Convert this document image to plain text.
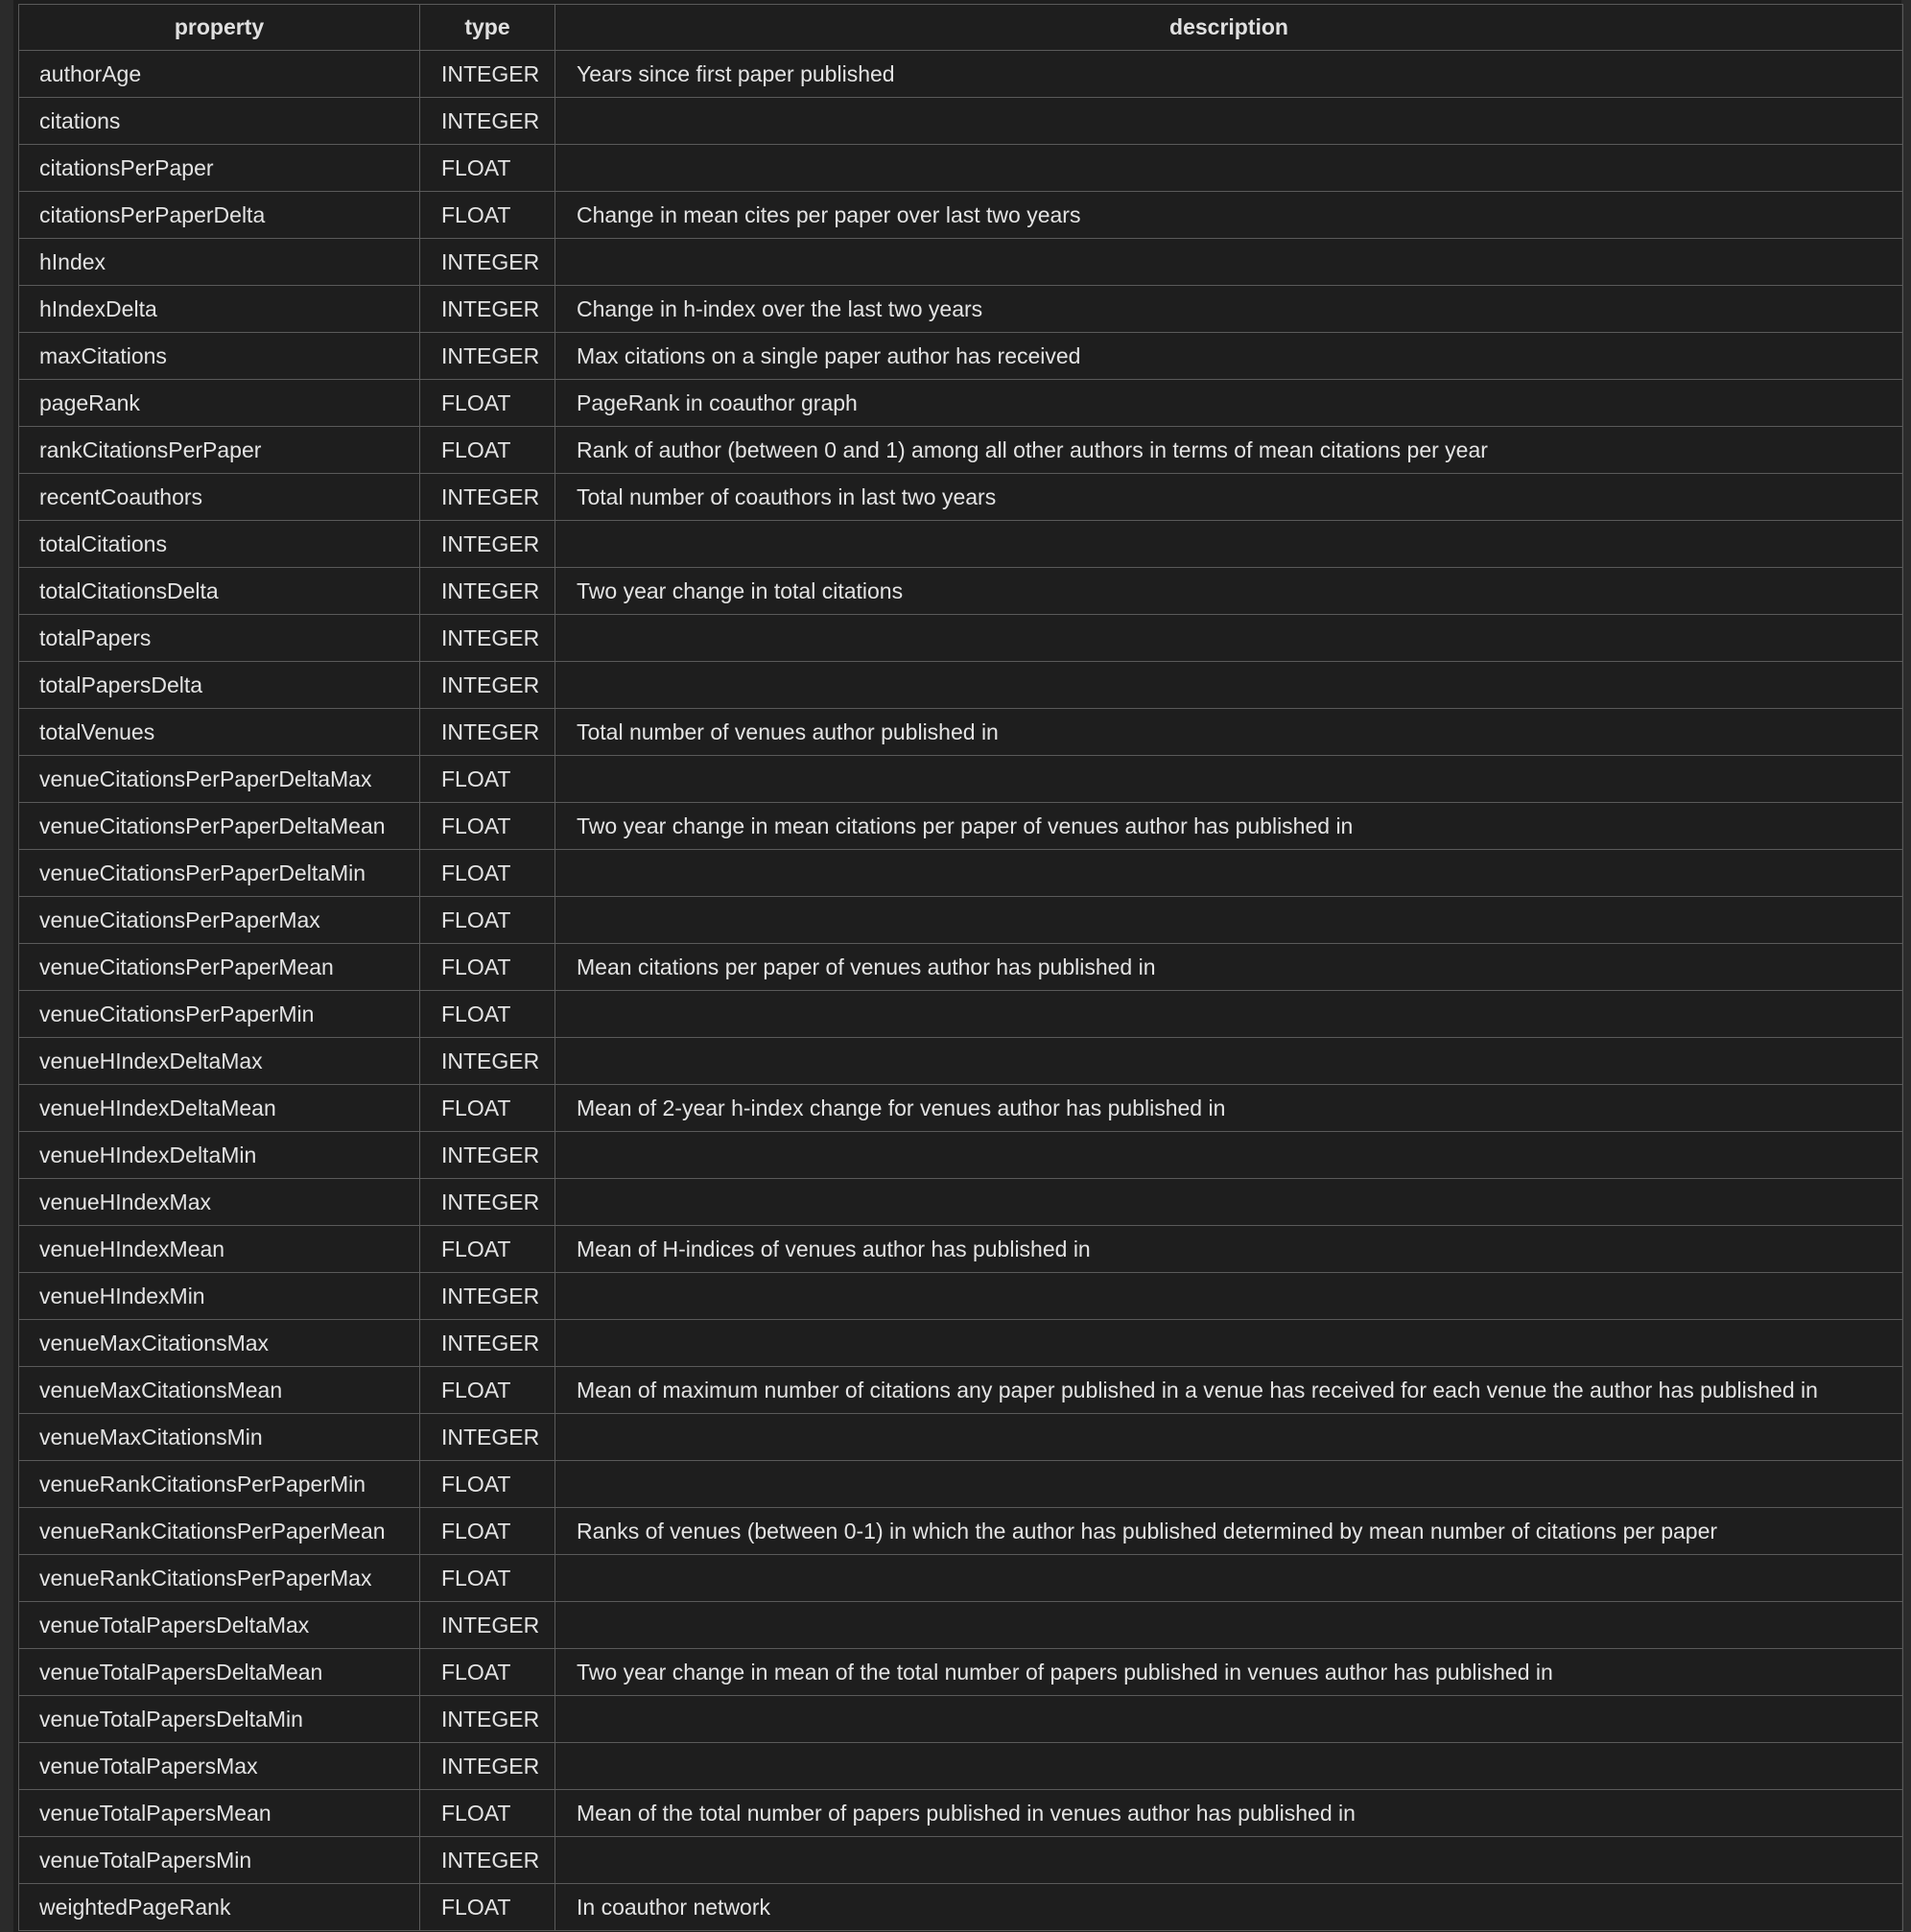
property	type	description
authorAge	INTEGER	Years since first paper published
citations	INTEGER	
citationsPerPaper	FLOAT	
citationsPerPaperDelta	FLOAT	Change in mean cites per paper over last two years
hIndex	INTEGER	
hIndexDelta	INTEGER	Change in h-index over the last two years
maxCitations	INTEGER	Max citations on a single paper author has received
pageRank	FLOAT	PageRank in coauthor graph
rankCitationsPerPaper	FLOAT	Rank of author (between 0 and 1) among all other authors in terms of mean citations per year
recentCoauthors	INTEGER	Total number of coauthors in last two years
totalCitations	INTEGER	
totalCitationsDelta	INTEGER	Two year change in total citations
totalPapers	INTEGER	
totalPapersDelta	INTEGER	
totalVenues	INTEGER	Total number of venues author published in
venueCitationsPerPaperDeltaMax	FLOAT	
venueCitationsPerPaperDeltaMean	FLOAT	Two year change in mean citations per paper of venues author has published in
venueCitationsPerPaperDeltaMin	FLOAT	
venueCitationsPerPaperMax	FLOAT	
venueCitationsPerPaperMean	FLOAT	Mean citations per paper of venues author has published in
venueCitationsPerPaperMin	FLOAT	
venueHIndexDeltaMax	INTEGER	
venueHIndexDeltaMean	FLOAT	Mean of 2-year h-index change for venues author has published in
venueHIndexDeltaMin	INTEGER	
venueHIndexMax	INTEGER	
venueHIndexMean	FLOAT	Mean of H-indices of venues author has published in
venueHIndexMin	INTEGER	
venueMaxCitationsMax	INTEGER	
venueMaxCitationsMean	FLOAT	Mean of maximum number of citations any paper published in a venue has received for each venue the author has published in
venueMaxCitationsMin	INTEGER	
venueRankCitationsPerPaperMin	FLOAT	
venueRankCitationsPerPaperMean	FLOAT	Ranks of venues (between 0-1) in which the author has published determined by mean number of citations per paper
venueRankCitationsPerPaperMax	FLOAT	
venueTotalPapersDeltaMax	INTEGER	
venueTotalPapersDeltaMean	FLOAT	Two year change in mean of the total number of papers published in venues author has published in
venueTotalPapersDeltaMin	INTEGER	
venueTotalPapersMax	INTEGER	
venueTotalPapersMean	FLOAT	Mean of the total number of papers published in venues author has published in
venueTotalPapersMin	INTEGER	
weightedPageRank	FLOAT	In coauthor network
